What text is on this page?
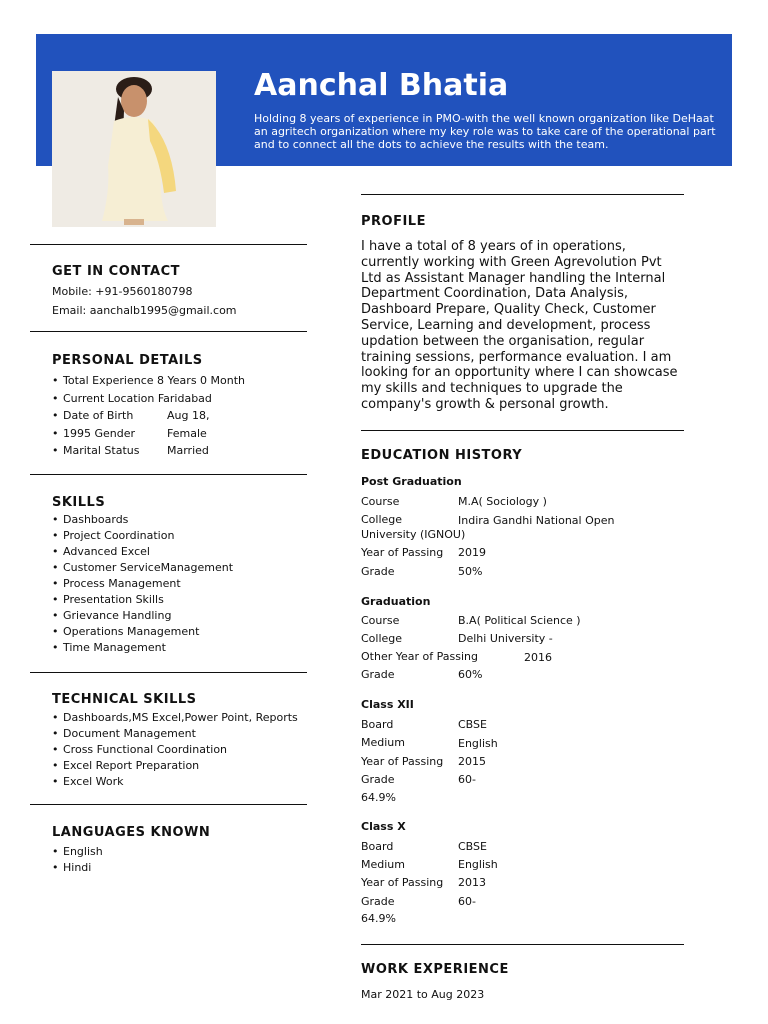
Aanchal Bhatia
Holding 8 years of experience in PMO-with the well known organization like DeHaat an agritech organization where my key role was to take care of the operational part and to connect all the dots to achieve the results with the team.
GET IN CONTACT
Mobile: +91-9560180798
Email: aanchalb1995@gmail.com
PERSONAL DETAILS
• Total Experience 8 Years 0 Month
• Current Location Faridabad
• Date of Birth	Aug 18,
• 1995 Gender	Female
• Marital Status	Married
SKILLS
• Dashboards
• Project Coordination
• Advanced Excel
• Customer ServiceManagement
• Process Management
• Presentation Skills
• Grievance Handling
• Operations Management
• Time Management
TECHNICAL SKILLS
• Dashboards,MS Excel,Power Point, Reports
• Document Management
• Cross Functional Coordination
• Excel Report Preparation
• Excel Work
LANGUAGES KNOWN
• English
• Hindi
PROFILE
I have a total of 8 years of in operations, currently working with Green Agrevolution Pvt Ltd as Assistant Manager handling the Internal Department Coordination, Data Analysis, Dashboard Prepare, Quality Check, Customer Service, Learning and development, process updation between the organisation, regular training sessions, performance evaluation. I am looking for an opportunity where I can showcase my skills and techniques to upgrade the company's growth & personal growth.
EDUCATION HISTORY
Post Graduation
Course	M.A( Sociology )
College	Indira Gandhi National Open
University (IGNOU)
Year of Passing 2019
Grade	50%
Graduation
Course	B.A( Political Science )
College	Delhi University -
Other Year of Passing	2016
Grade	60%
Class XII
Board	CBSE
Medium	English
Year of Passing 2015
Grade	60-
64.9%
Class X
Board	CBSE
Medium	English
Year of Passing 2013
Grade	60-
64.9%
WORK EXPERIENCE
Mar 2021 to Aug 2023
